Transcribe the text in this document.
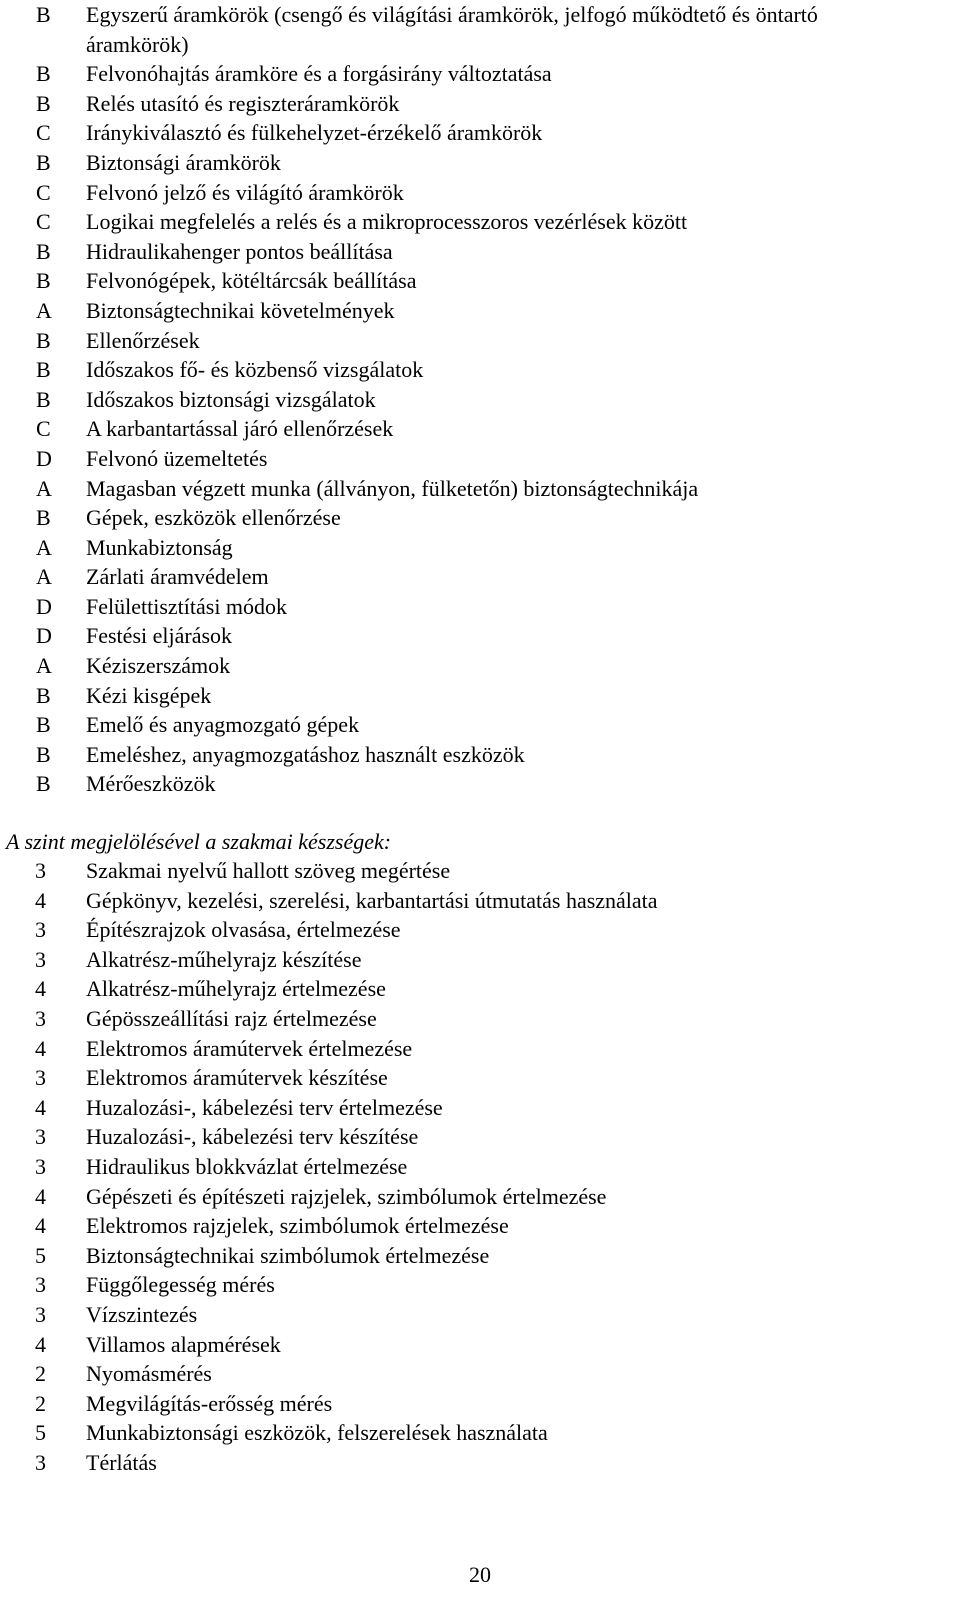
B	Egyszerű áramkörök (csengő és világítási áramkörök, jelfogó működtető és öntartó
áramkörök)
B	Felvonóhajtás áramköre és a forgásirány változtatása
B	Relés utasító és regiszteráramkörök
C	Iránykiválasztó és fülkehelyzet-érzékelő áramkörök
B	Biztonsági áramkörök
C	Felvonó jelző és világító áramkörök
C	Logikai megfelelés a relés és a mikroprocesszoros vezérlések között
B	Hidraulikahenger pontos beállítása
B	Felvonógépek, kötéltárcsák beállítása
A	Biztonságtechnikai követelmények
B	Ellenőrzések
B	Időszakos fő- és közbenső vizsgálatok
B	Időszakos biztonsági vizsgálatok
C	A karbantartással járó ellenőrzések
D	Felvonó üzemeltetés
A	Magasban végzett munka (állványon, fülketetőn) biztonságtechnikája
B	Gépek, eszközök ellenőrzése
A	Munkabiztonság
A	Zárlati áramvédelem
D	Felülettisztítási módok
D	Festési eljárások
A	Kéziszerszámok
B	Kézi kisgépek
B	Emelő és anyagmozgató gépek
B	Emeléshez, anyagmozgatáshoz használt eszközök
B	Mérőeszközök
A szint megjelölésével a szakmai készségek:
3	Szakmai nyelvű hallott szöveg megértése
4	Gépkönyv, kezelési, szerelési, karbantartási útmutatás használata
3	Építészrajzok olvasása, értelmezése
3	Alkatrész-műhelyrajz készítése
4	Alkatrész-műhelyrajz értelmezése
3	Gépösszeállítási rajz értelmezése
4	Elektromos áramútervek értelmezése
3	Elektromos áramútervek készítése
4	Huzalozási-, kábelezési terv értelmezése
3	Huzalozási-, kábelezési terv készítése
3	Hidraulikus blokkvázlat értelmezése
4	Gépészeti és építészeti rajzjelek, szimbólumok értelmezése
4	Elektromos rajzjelek, szimbólumok értelmezése
5	Biztonságtechnikai szimbólumok értelmezése
3	Függőlegesség mérés
3	Vízszintezés
4	Villamos alapmérések
2	Nyomásmérés
2	Megvilágítás-erősség mérés
5	Munkabiztonsági eszközök, felszerelések használata
3	Térlátás
20
